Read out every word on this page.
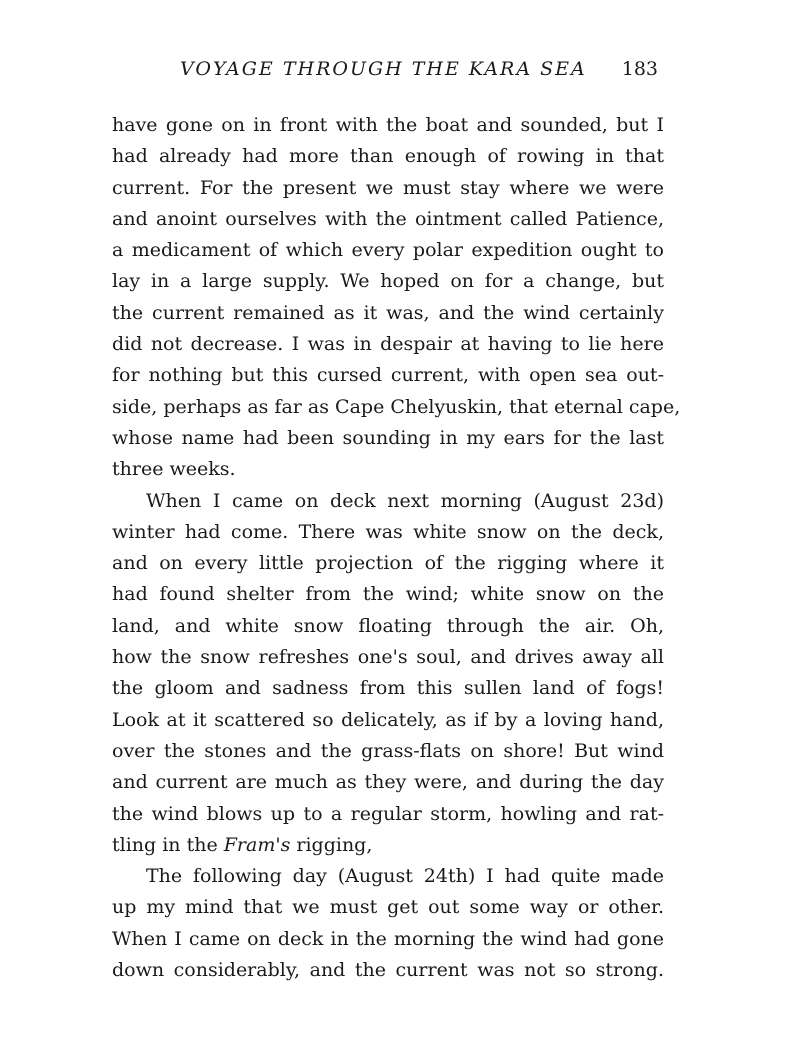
VOYAGE THROUGH THE KARA SEA 183
have gone on in front with the boat and sounded, but I
had already had more than enough of rowing in that
current. For the present we must stay where we were
and anoint ourselves with the ointment called Patience,
a medicament of which every polar expedition ought to
lay in a large supply. We hoped on for a change, but
the current remained as it was, and the wind certainly
did not decrease. I was in despair at having to lie here
for nothing but this cursed current, with open sea out-
side, perhaps as far as Cape Chelyuskin, that eternal cape,
whose name had been sounding in my ears for the last
three weeks.
When I came on deck next morning (August 23d)
winter had come. There was white snow on the deck,
and on every little projection of the rigging where it
had found shelter from the wind; white snow on the
land, and white snow floating through the air. Oh,
how the snow refreshes one's soul, and drives away all
the gloom and sadness from this sullen land of fogs!
Look at it scattered so delicately, as if by a loving hand,
over the stones and the grass-flats on shore! But wind
and current are much as they were, and during the day
the wind blows up to a regular storm, howling and rat-
tling in the Fram's rigging,
The following day (August 24th) I had quite made
up my mind that we must get out some way or other.
When I came on deck in the morning the wind had gone
down considerably, and the current was not so strong.
